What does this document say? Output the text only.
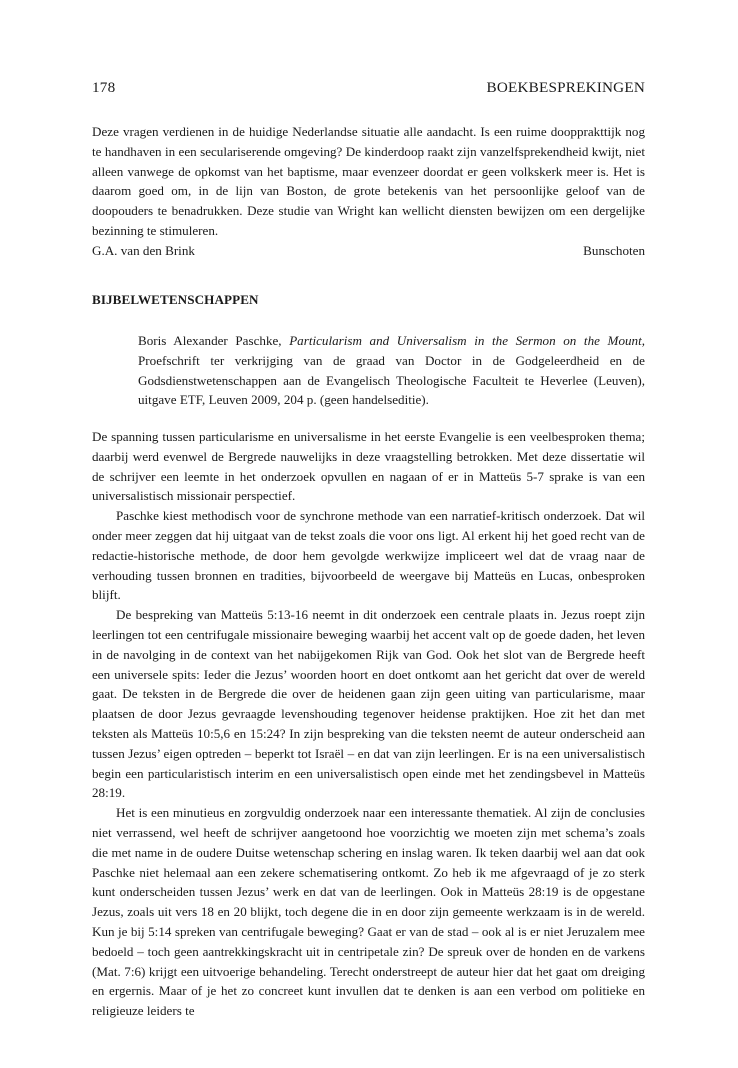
178	BOEKBESPREKINGEN

Deze vragen verdienen in de huidige Nederlandse situatie alle aandacht. Is een ruime doopprakttijk nog te handhaven in een seculariserende omgeving? De kinderdoop raakt zijn vanzelfsprekendheid kwijt, niet alleen vanwege de opkomst van het baptisme, maar evenzeer doordat er geen volkskerk meer is. Het is daarom goed om, in de lijn van Boston, de grote betekenis van het persoonlijke geloof van de doopouders te benadrukken. Deze studie van Wright kan wellicht diensten bewijzen om een dergelijke bezinning te stimuleren.

G.A. van den Brink	Bunschoten
BIJBELWETENSCHAPPEN
Boris Alexander Paschke, Particularism and Universalism in the Sermon on the Mount, Proefschrift ter verkrijging van de graad van Doctor in de Godgeleerdheid en de Godsdienstwetenschappen aan de Evangelisch Theologische Faculteit te Heverlee (Leuven), uitgave ETF, Leuven 2009, 204 p. (geen handelseditie).

De spanning tussen particularisme en universalisme in het eerste Evangelie is een veelbesproken thema; daarbij werd evenwel de Bergrede nauwelijks in deze vraagstelling betrokken. Met deze dissertatie wil de schrijver een leemte in het onderzoek opvullen en nagaan of er in Matteüs 5-7 sprake is van een universalistisch missionair perspectief.

Paschke kiest methodisch voor de synchrone methode van een narratief-kritisch onderzoek. Dat wil onder meer zeggen dat hij uitgaat van de tekst zoals die voor ons ligt. Al erkent hij het goed recht van de redactie-historische methode, de door hem gevolgde werkwijze impliceert wel dat de vraag naar de verhouding tussen bronnen en tradities, bijvoorbeeld de weergave bij Matteüs en Lucas, onbesproken blijft.

De bespreking van Matteüs 5:13-16 neemt in dit onderzoek een centrale plaats in. Jezus roept zijn leerlingen tot een centrifugale missionaire beweging waarbij het accent valt op de goede daden, het leven in de navolging in de context van het nabijgekomen Rijk van God. Ook het slot van de Bergrede heeft een universele spits: Ieder die Jezus’ woorden hoort en doet ontkomt aan het gericht dat over de wereld gaat. De teksten in de Bergrede die over de heidenen gaan zijn geen uiting van particularisme, maar plaatsen de door Jezus gevraagde levenshouding tegenover heidense praktijken. Hoe zit het dan met teksten als Matteüs 10:5,6 en 15:24? In zijn bespreking van die teksten neemt de auteur onderscheid aan tussen Jezus’ eigen optreden – beperkt tot Israël – en dat van zijn leerlingen. Er is na een universalistisch begin een particularistisch interim en een universalistisch open einde met het zendingsbevel in Matteüs 28:19.

Het is een minutieus en zorgvuldig onderzoek naar een interessante thematiek. Al zijn de conclusies niet verrassend, wel heeft de schrijver aangetoond hoe voorzichtig we moeten zijn met schema’s zoals die met name in de oudere Duitse wetenschap schering en inslag waren. Ik teken daarbij wel aan dat ook Paschke niet helemaal aan een zekere schematisering ontkomt. Zo heb ik me afgevraagd of je zo sterk kunt onderscheiden tussen Jezus’ werk en dat van de leerlingen. Ook in Matteüs 28:19 is de opgestane Jezus, zoals uit vers 18 en 20 blijkt, toch degene die in en door zijn gemeente werkzaam is in de wereld. Kun je bij 5:14 spreken van centrifugale beweging? Gaat er van de stad – ook al is er niet Jeruzalem mee bedoeld – toch geen aantrekkingskracht uit in centripetale zin? De spreuk over de honden en de varkens (Mat. 7:6) krijgt een uitvoerige behandeling. Terecht onderstreept de auteur hier dat het gaat om dreiging en ergernis. Maar of je het zo concreet kunt invullen dat te denken is aan een verbod om politieke en religieuze leiders te
